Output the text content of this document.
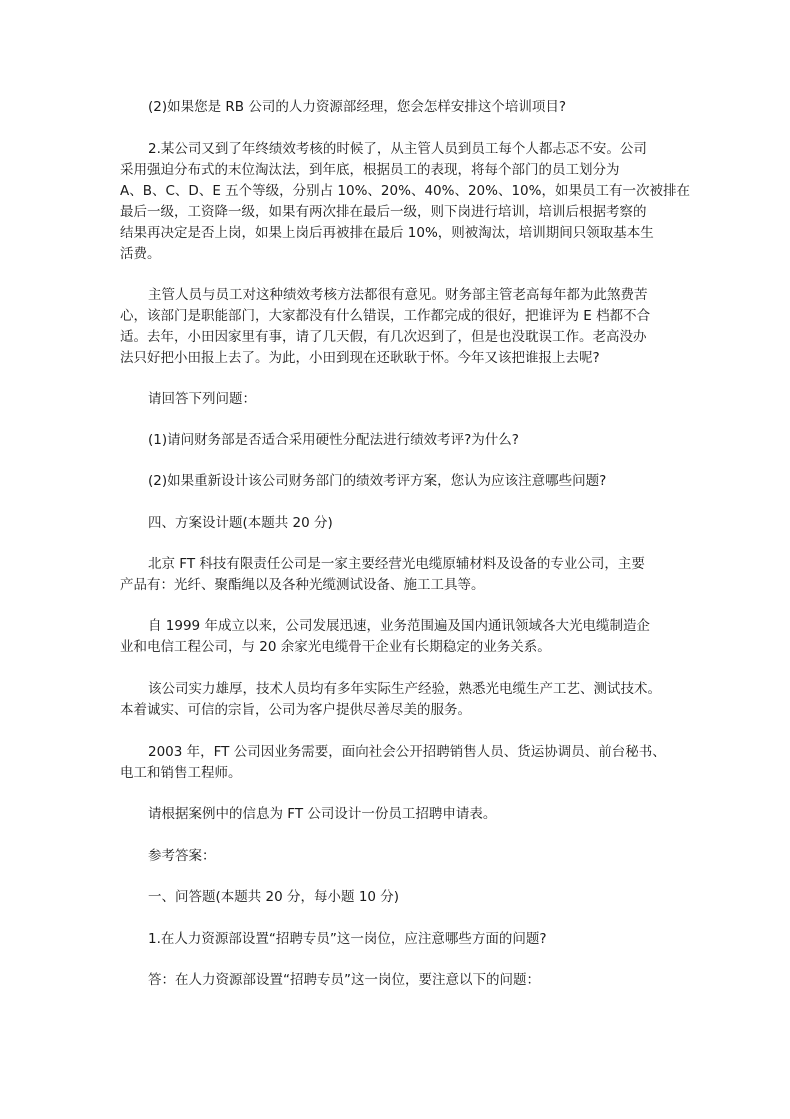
(2)如果您是 RB 公司的人力资源部经理，您会怎样安排这个培训项目?

2.某公司又到了年终绩效考核的时候了，从主管人员到员工每个人都忐忑不安。公司
采用强迫分布式的末位淘汰法，到年底，根据员工的表现，将每个部门的员工划分为
A、B、C、D、E 五个等级，分别占 10%、20%、40%、20%、10%，如果员工有一次被排在
最后一级，工资降一级，如果有两次排在最后一级，则下岗进行培训，培训后根据考察的
结果再决定是否上岗，如果上岗后再被排在最后 10%，则被淘汰，培训期间只领取基本生
活费。

主管人员与员工对这种绩效考核方法都很有意见。财务部主管老高每年都为此煞费苦
心，该部门是职能部门，大家都没有什么错误，工作都完成的很好，把谁评为 E 档都不合
适。去年，小田因家里有事，请了几天假，有几次迟到了，但是也没耽误工作。老高没办
法只好把小田报上去了。为此，小田到现在还耿耿于怀。今年又该把谁报上去呢?

请回答下列问题：

(1)请问财务部是否适合采用硬性分配法进行绩效考评?为什么?

(2)如果重新设计该公司财务部门的绩效考评方案，您认为应该注意哪些问题?

四、方案设计题(本题共 20 分)

北京 FT 科技有限责任公司是一家主要经营光电缆原辅材料及设备的专业公司，主要
产品有：光纤、聚酯绳以及各种光缆测试设备、施工工具等。

自 1999 年成立以来，公司发展迅速，业务范围遍及国内通讯领域各大光电缆制造企
业和电信工程公司，与 20 余家光电缆骨干企业有长期稳定的业务关系。

该公司实力雄厚，技术人员均有多年实际生产经验，熟悉光电缆生产工艺、测试技术。
本着诚实、可信的宗旨，公司为客户提供尽善尽美的服务。

2003 年，FT 公司因业务需要，面向社会公开招聘销售人员、货运协调员、前台秘书、
电工和销售工程师。

请根据案例中的信息为 FT 公司设计一份员工招聘申请表。

参考答案：

一、问答题(本题共 20 分，每小题 10 分)

1.在人力资源部设置“招聘专员”这一岗位，应注意哪些方面的问题?

答：在人力资源部设置“招聘专员”这一岗位，要注意以下的问题：
